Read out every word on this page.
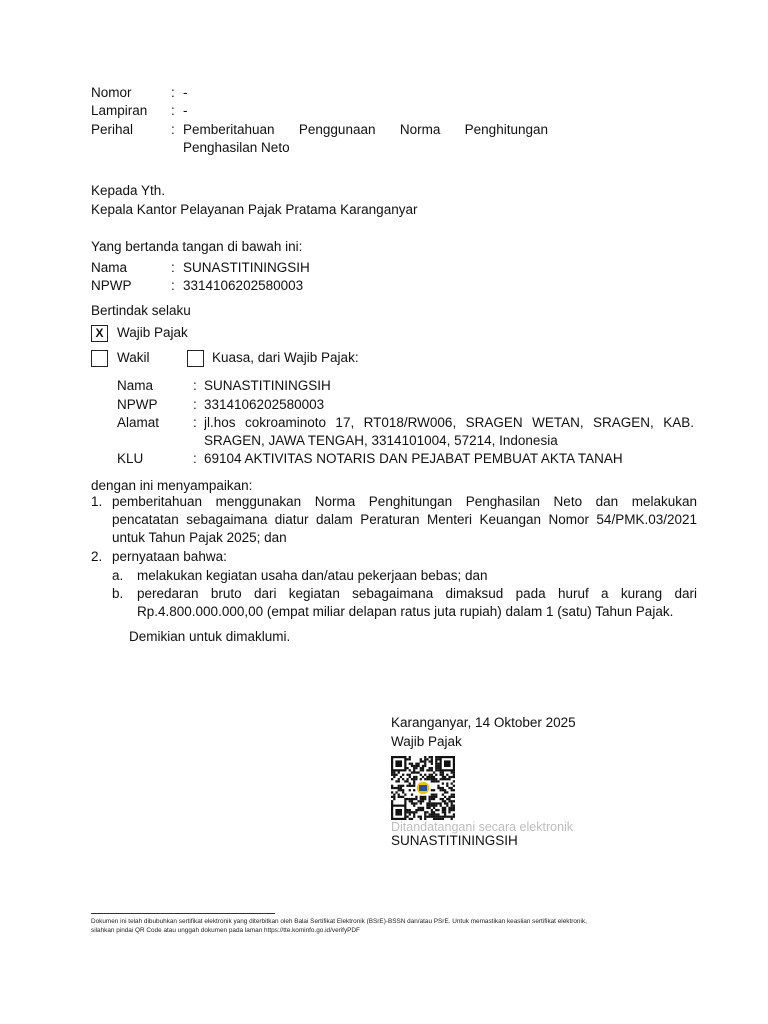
Nomor	: -
Lampiran : -
Perihal	: Pemberitahuan Penggunaan Norma Penghitungan
Penghasilan Neto
Kepada Yth.
Kepala Kantor Pelayanan Pajak Pratama Karanganyar
Yang bertanda tangan di bawah ini:
Nama	: SUNASTITININGSIH
NPWP	: 3314106202580003
Bertindak selaku
X	Wajib Pajak
Wakil	Kuasa, dari Wajib Pajak:
Nama	: SUNASTITININGSIH
NPWP	: 3314106202580003
Alamat	: jl.hos cokroaminoto 17, RT018/RW006, SRAGEN WETAN, SRAGEN, KAB.
SRAGEN, JAWA TENGAH, 3314101004, 57214, Indonesia
KLU	: 69104 AKTIVITAS NOTARIS DAN PEJABAT PEMBUAT AKTA TANAH
dengan ini menyampaikan:
1. pemberitahuan menggunakan Norma Penghitungan Penghasilan Neto dan melakukan
pencatatan sebagaimana diatur dalam Peraturan Menteri Keuangan Nomor 54/PMK.03/2021
untuk Tahun Pajak 2025; dan
2. pernyataan bahwa:
a. melakukan kegiatan usaha dan/atau pekerjaan bebas; dan
b. peredaran bruto dari kegiatan sebagaimana dimaksud pada huruf a kurang dari
Rp.4.800.000.000,00 (empat miliar delapan ratus juta rupiah) dalam 1 (satu) Tahun Pajak.
Demikian untuk dimaklumi.
Karanganyar, 14 Oktober 2025
Wajib Pajak
Ditandatangani secara elektronik
SUNASTITININGSIH
Dokumen ini telah dibubuhkan sertifikat elektronik yang diterbitkan oleh Balai Sertifikat Elektronik (BSrE)-BSSN dan/atau PSrE. Untuk memastikan keaslian sertifikat elektronik,
silahkan pindai QR Code atau unggah dokumen pada laman https://tte.kominfo.go.id/verifyPDF
